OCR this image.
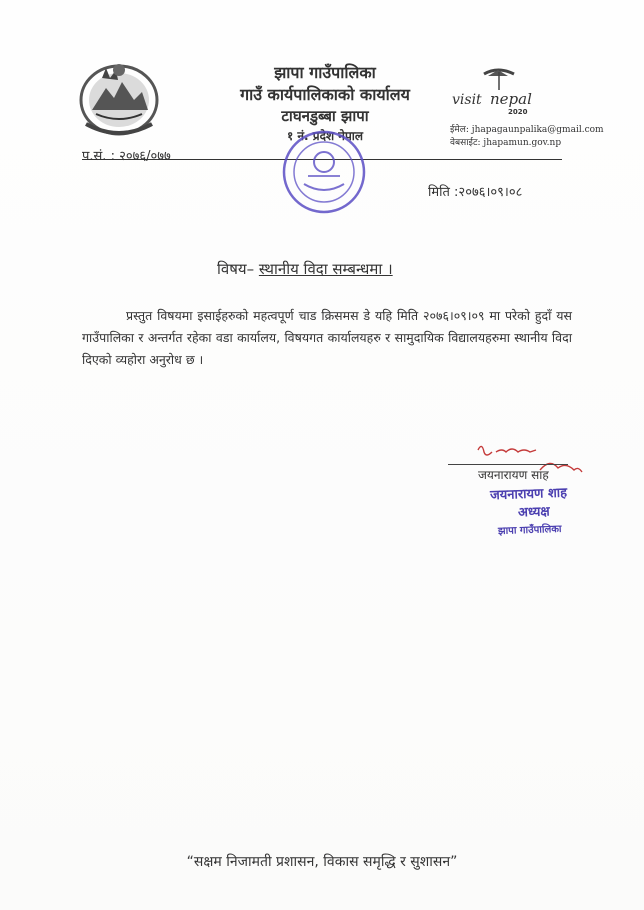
झापा गाउँपालिका
गाउँ कार्यपालिकाको कार्यालय
टाघनडुब्बा झापा
१ नं. प्रदेश नेपाल
visit nepal
2020
ईमेल: jhapagaunpalika@gmail.com
वेबसाईट: jhapamun.gov.np
प.सं. : २०७६/०७७
मिति :२०७६।०९।०८
विषय– स्थानीय विदा सम्बन्धमा ।
प्रस्तुत विषयमा इसाईहरुको महत्वपूर्ण चाड क्रिसमस डे यहि मिति २०७६।०९।०९ मा परेको हुदाँ यस गाउँपालिका र अन्तर्गत रहेका वडा कार्यालय, विषयगत कार्यालयहरु र सामुदायिक विद्यालयहरुमा स्थानीय विदा दिएको व्यहोरा अनुरोध छ ।
जयनारायण साह
जयनारायण शाह
अध्यक्ष
झापा गाउँपालिका
“सक्षम निजामती प्रशासन, विकास समृद्धि र सुशासन”
